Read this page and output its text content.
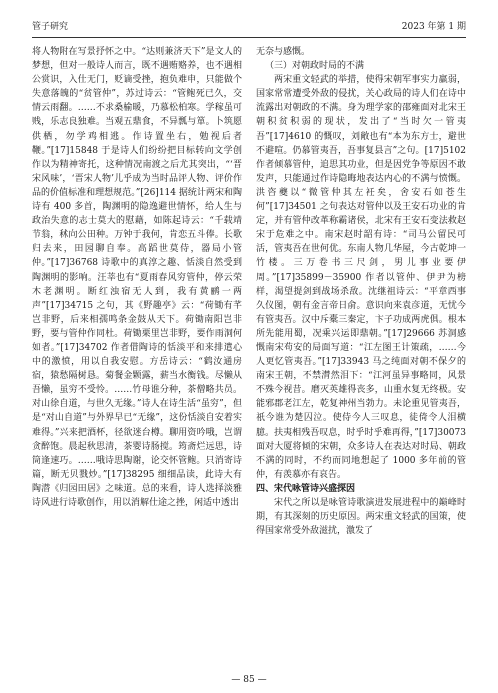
管子研究	2023 年第 1 期

将人物附在写景抒怀之中。“达则兼济天下”是文人的梦想，但对一般诗人而言，既不遇贿赂养，也不遇相公赏识，入仕无门，贬谪受挫，抱负难申，只能做个失意落魄的“贫管仲”，苏过诗云：“管鲍死已久，交情云雨翻。……不求桑榆暖，乃慕松柏寒。学稼虽可贱，乐志良独难。当观五鼎食，不异瓢与箪。卜筑愿供栖，勿学鸡相逃。作诗置坐右，勉视后者鞭。”[17]15848 于是诗人们纷纷把目标转向文学创作以为精神寄托，这种情况南渡之后尤其突出，“‘晋宋风味’，‘晋宋人物’儿乎成为当时品评人物、评价作品的价值标准和理想规范。”[26]114 据统计两宋和陶诗有 400 多首，陶渊明的隐逸避世情怀，给人生与政治失意的志士莫大的慰藉，如陈起诗云：“千载靖节翁，秫向公田种。万钟于我何，肯恋五斗俸。长歌归去来，田园聊自奉。高蹈世莫侍，器局小管仲。”[17]36768 诗歌中的真淳之趣、恬淡自然受到陶渊明的影响。汪莘也有“夏雨春风穷管仲，停云荣木老渊明。断红浊宿无人到，我有黄鹂一两声”[17]34715 之句，其《野趣亭》云：“荷锄有芊岂非野，后来相孺鸣条金鼓从天下。荷锄南阳岂非野，要与管仲作同杜。荷锄栗里岂非野，要作雨洞何如者。”[17]34702 作者借陶诗的恬淡平和来排遣心中的激愤，用以自我安慰。方岳诗云：“鹤汝通房宿，猿愁隔树恳。菊餐金颗露，薪当水衡钱。尽懒从吾懒，虽穷不受怜。……竹母谁分种，茶僧略共员。对山徐自道，与世久无缘。”诗人在诗生活“虽穷”，但是“对山自道”与外界早已“无缘”，这份恬淡自安着实难得。”兴来把酒杯，径欲迷台樽。聊用资吟哦，岂谓贪醉饱。晨起秋思清，茶婴诗肠搅。筠斋烂远思，诗筒逢速巧。……哦诗思陶谢，论交怀管鲍。只消寄诗篇，断无贝戮炒。”[17]38295 细细品读，此诗大有陶潜《归园田居》之味道。总的来看，诗人选择淡雅诗风进行诗歌创作，用以消解仕途之挫，闲适中透出

无奈与感慨。

（三）对朝政时局的不满

两宋重文轻武的举措，使得宋朝军事实力羸弱，国家常常遭受外敌的侵扰，关心政局的诗人们在诗中流露出对朝政的不满。身为理学家的邵雍面对北宋王朝积贫积弱的现状，发出了“当时欠一管夷吾”[17]4610 的慨叹，刘敞也有“本为东方士，避世不避喧。仍慕管夷吾，吾事复县言”之句。[17]5102 作者倾慕管仲，追思其功业，但是因党争等原因不敢发声，只能通过作诗隐晦地表达内心的不满与愤慨。洪咨夔以“微管仲其左衽矣，舍安石如苍生何”[17]34501 之句表达对管仲以及王安石功业的肯定，并有管仲改革称霸诸侯，北宋有王安石变法救赵宋于危难之中。南宋赵时韶有诗：“司马公留民可活，管夷吾在世何优。东南人物几华屋，今古乾坤一竹楼。三万卷书三尺剑，男儿事业要伊周。”[17]35899－35900 作者以管仲、伊尹为榜样，渴望提剑到战场杀敌。沈继祖诗云：“平章西事久仪图，朝有金言帝日俞。意识向来袁彦道，无忧今有管夷吾。汉中斥橐三秦定，卞子功成两虎俱。根本所先能用蜀，况乘兴运即鼎朝。”[17]29666 苏洞感慨南宋苟安的局面写道：“江左图王计策疏，……今人更忆管夷吾。”[17]33943 马之纯面对朝不保夕的南宋王朝，不禁潸然泪下：“江河虽异事略同，风景不殊今视昔。磨灭英雄得丧多，山重水复无终极。安能邪郡老江左，乾复神州当勃力。未论重见管夷吾，祇今谁为楚囚泣。使侍今人三叹息，徒倚令人泪横臆。扶夷相残吾叹息，时乎时乎难再得，”[17]30073 面对大厦将倾的宋朝，众多诗人在表达对时局、朝政不满的同时，不约而同地想起了 1000 多年前的管仲，有羡慕亦有哀告。

四、宋代咏管诗兴盛探因

宋代之所以是咏管诗歌演进发展进程中的巅峰时期，有其深刻的历史原因。两宋重文轻武的国策，使得国家常受外敌滋扰，激发了

— 85 —
